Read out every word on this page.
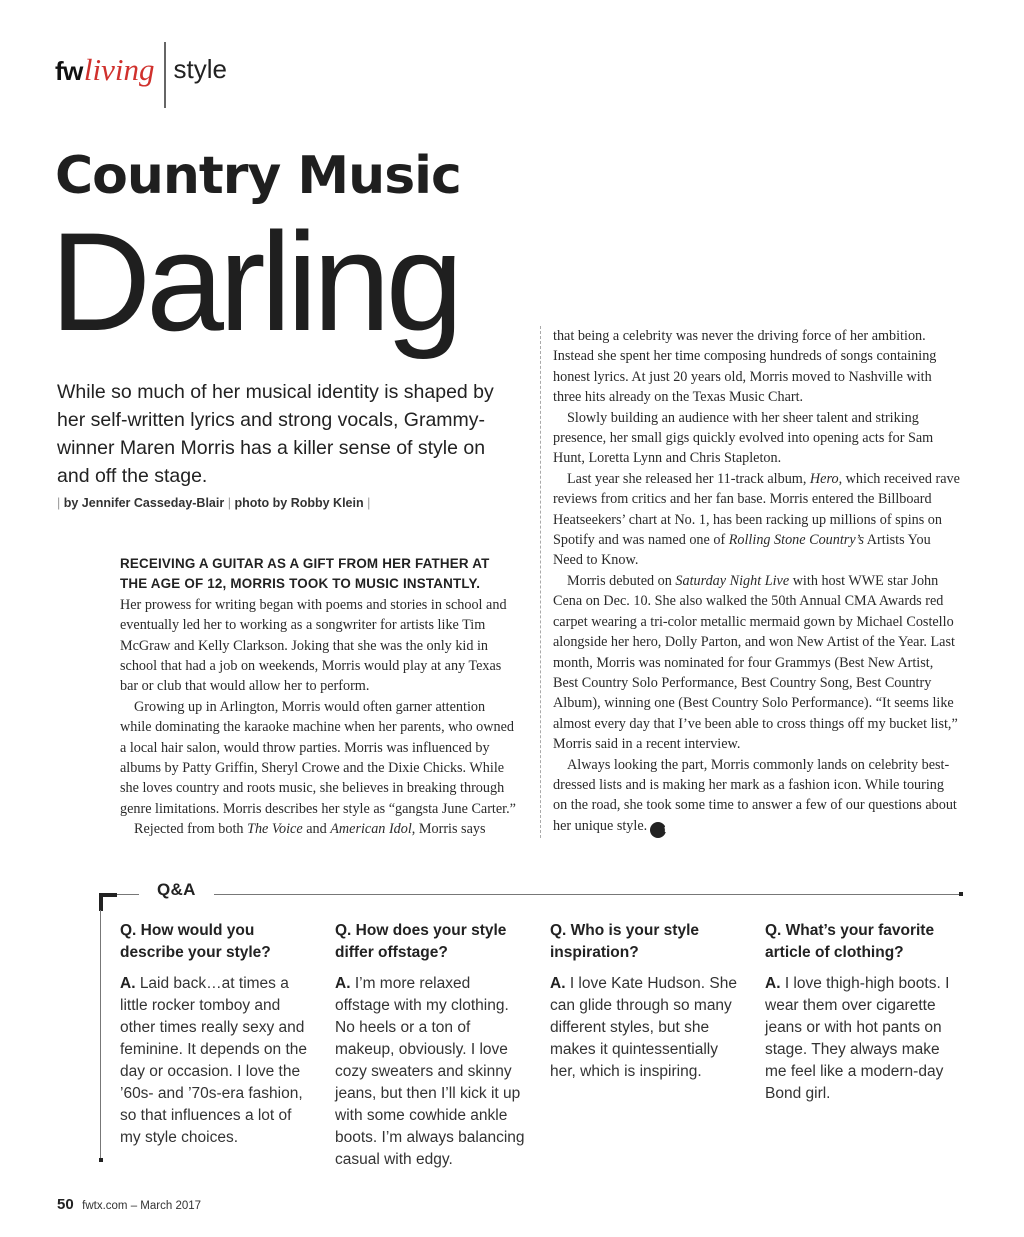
fw living style
Country Music
Darling
While so much of her musical identity is shaped by her self-written lyrics and strong vocals, Grammy-winner Maren Morris has a killer sense of style on and off the stage.
| by Jennifer Casseday-Blair | photo by Robby Klein |

RECEIVING A GUITAR AS A GIFT FROM HER FATHER AT THE AGE OF 12, MORRIS TOOK TO MUSIC INSTANTLY.

Her prowess for writing began with poems and stories in school and eventually led her to working as a songwriter for artists like Tim McGraw and Kelly Clarkson. Joking that she was the only kid in school that had a job on weekends, Morris would play at any Texas bar or club that would allow her to perform.

Growing up in Arlington, Morris would often garner attention while dominating the karaoke machine when her parents, who owned a local hair salon, would throw parties. Morris was influenced by albums by Patty Griffin, Sheryl Crowe and the Dixie Chicks. While she loves country and roots music, she believes in breaking through genre limitations. Morris describes her style as “gangsta June Carter.”

Rejected from both The Voice and American Idol, Morris says

that being a celebrity was never the driving force of her ambition. Instead she spent her time composing hundreds of songs containing honest lyrics. At just 20 years old, Morris moved to Nashville with three hits already on the Texas Music Chart.

Slowly building an audience with her sheer talent and striking presence, her small gigs quickly evolved into opening acts for Sam Hunt, Loretta Lynn and Chris Stapleton.

Last year she released her 11-track album, Hero, which received rave reviews from critics and her fan base. Morris entered the Billboard Heatseekers’ chart at No. 1, has been racking up millions of spins on Spotify and was named one of Rolling Stone Country’s Artists You Need to Know.

Morris debuted on Saturday Night Live with host WWE star John Cena on Dec. 10. She also walked the 50th Annual CMA Awards red carpet wearing a tri-color metallic mermaid gown by Michael Costello alongside her hero, Dolly Parton, and won New Artist of the Year. Last month, Morris was nominated for four Grammys (Best New Artist, Best Country Solo Performance, Best Country Song, Best Country Album), winning one (Best Country Solo Performance). “It seems like almost every day that I’ve been able to cross things off my bucket list,” Morris said in a recent interview.

Always looking the part, Morris commonly lands on celebrity best-dressed lists and is making her mark as a fashion icon. While touring on the road, she took some time to answer a few of our questions about her unique style. fw

Q&A
Q. How would you describe your style?
A. Laid back…at times a little rocker tomboy and other times really sexy and feminine. It depends on the day or occasion. I love the ’60s- and ’70s-era fashion, so that influences a lot of my style choices.
Q. How does your style differ offstage?
A. I’m more relaxed offstage with my clothing. No heels or a ton of makeup, obviously. I love cozy sweaters and skinny jeans, but then I’ll kick it up with some cowhide ankle boots. I’m always balancing casual with edgy.
Q. Who is your style inspiration?
A. I love Kate Hudson. She can glide through so many different styles, but she makes it quintessentially her, which is inspiring.
Q. What’s your favorite article of clothing?
A. I love thigh-high boots. I wear them over cigarette jeans or with hot pants on stage. They always make me feel like a modern-day Bond girl.
50 fwtx.com – March 2017
